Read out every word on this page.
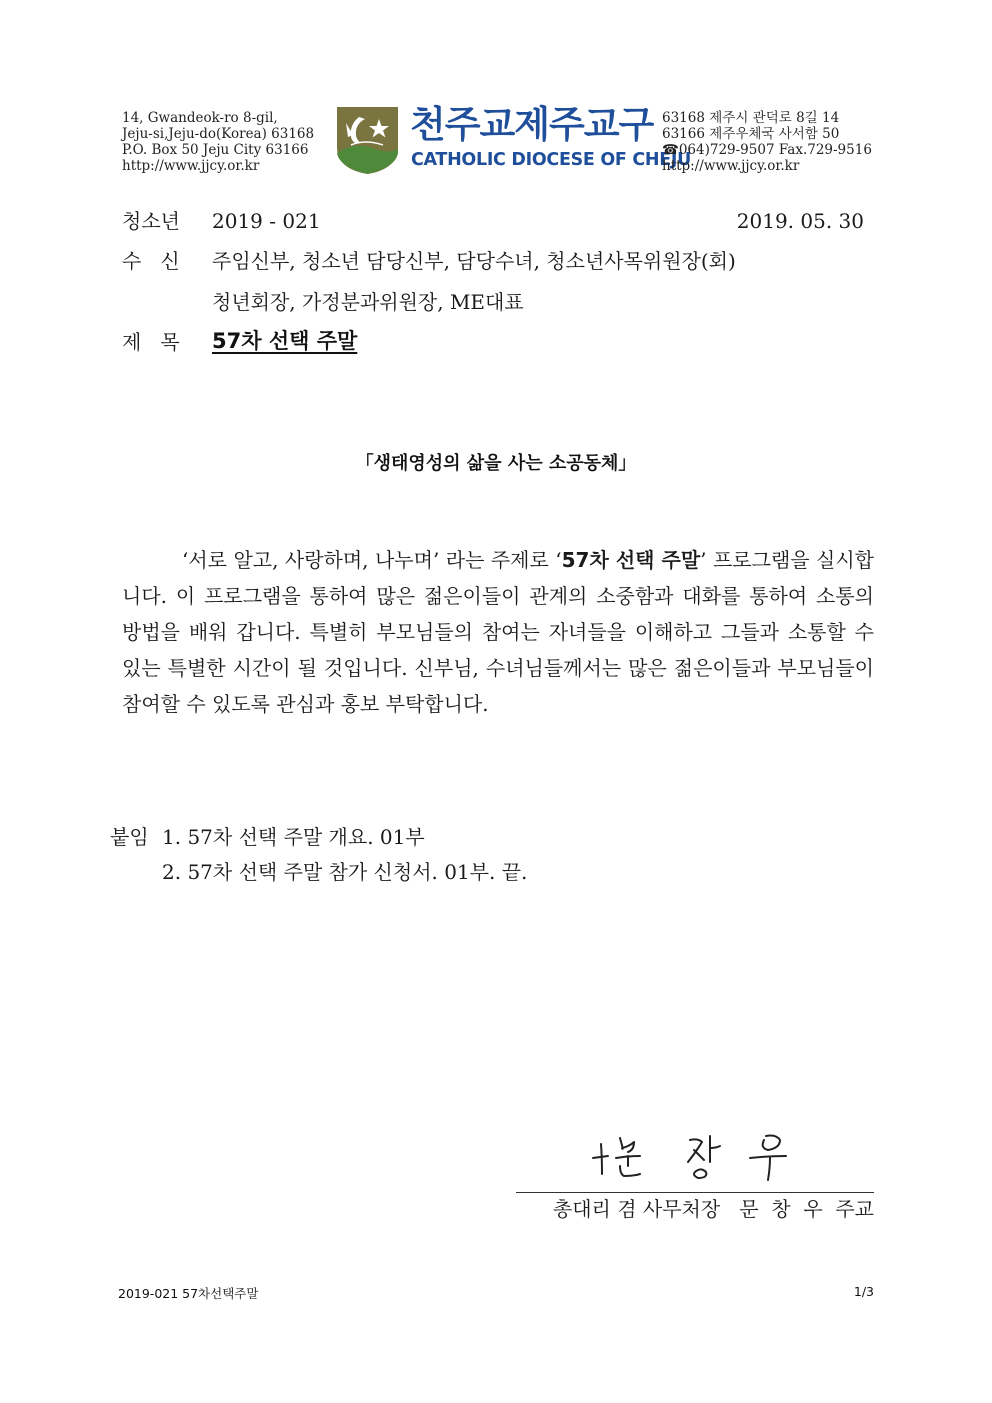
14, Gwandeok-ro 8-gil,
Jeju-si,Jeju-do(Korea) 63168
P.O. Box 50 Jeju City 63166
http://www.jjcy.or.kr
천주교제주교구
CATHOLIC DIOCESE OF CHEJU
63168 제주시 관덕로 8길 14
63166 제주우체국 사서함 50
☎064)729-9507 Fax.729-9516
http://www.jjcy.or.kr
청소년 2019 - 021	2019. 05. 30
수   신 주임신부, 청소년 담당신부, 담당수녀, 청소년사목위원장(회)
청년회장, 가정분과위원장, ME대표
제   목 57차 선택 주말
「생태영성의 삶을 사는 소공동체」

‘서로 알고, 사랑하며, 나누며’ 라는 주제로 ‘57차 선택 주말’ 프로그램을 실시합니다. 이 프로그램을 통하여 많은 젊은이들이 관계의 소중함과 대화를 통하여 소통의 방법을 배워 갑니다. 특별히 부모님들의 참여는 자녀들을 이해하고 그들과 소통할 수 있는 특별한 시간이 될 것입니다. 신부님, 수녀님들께서는 많은 젊은이들과 부모님들이 참여할 수 있도록 관심과 홍보 부탁합니다.

붙임 1. 57차 선택 주말 개요. 01부
2. 57차 선택 주말 참가 신청서. 01부. 끝.
총대리 겸 사무처장   문  창  우  주교
2019-021 57차선택주말	1/3
